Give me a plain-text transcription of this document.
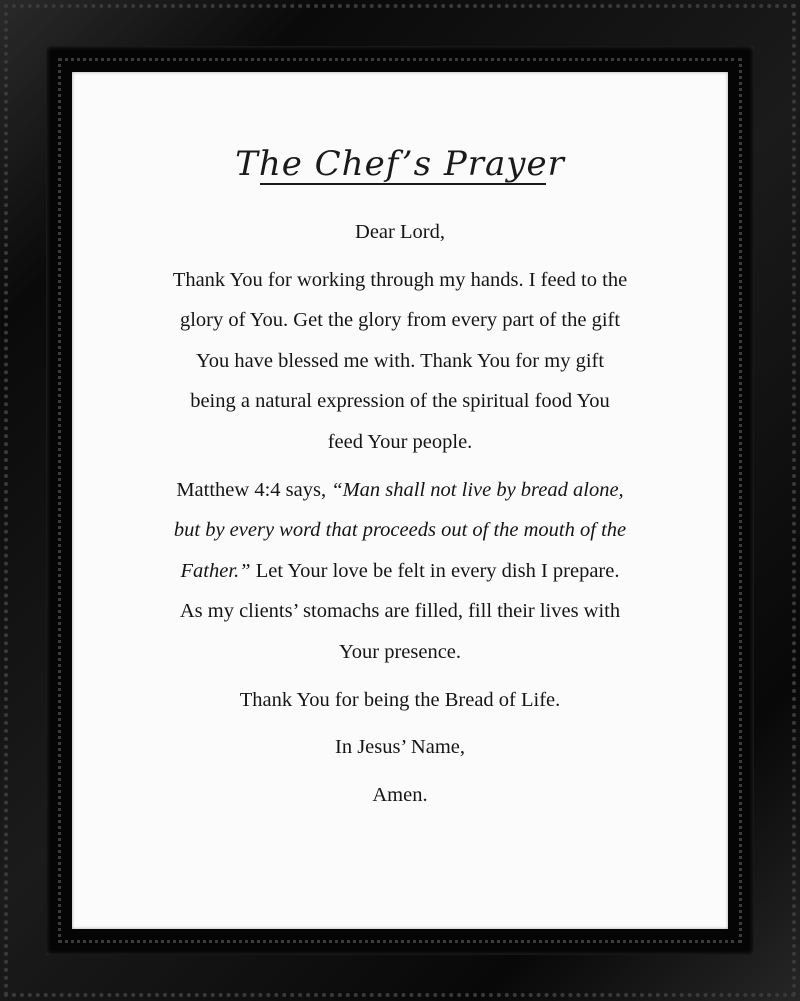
The Chef’s Prayer

Dear Lord,

Thank You for working through my hands. I feed to the

glory of You. Get the glory from every part of the gift

You have blessed me with. Thank You for my gift

being a natural expression of the spiritual food You

feed Your people.

Matthew 4:4 says, “Man shall not live by bread alone,

but by every word that proceeds out of the mouth of the

Father.” Let Your love be felt in every dish I prepare.

As my clients’ stomachs are filled, fill their lives with

Your presence.

Thank You for being the Bread of Life.

In Jesus’ Name,

Amen.
